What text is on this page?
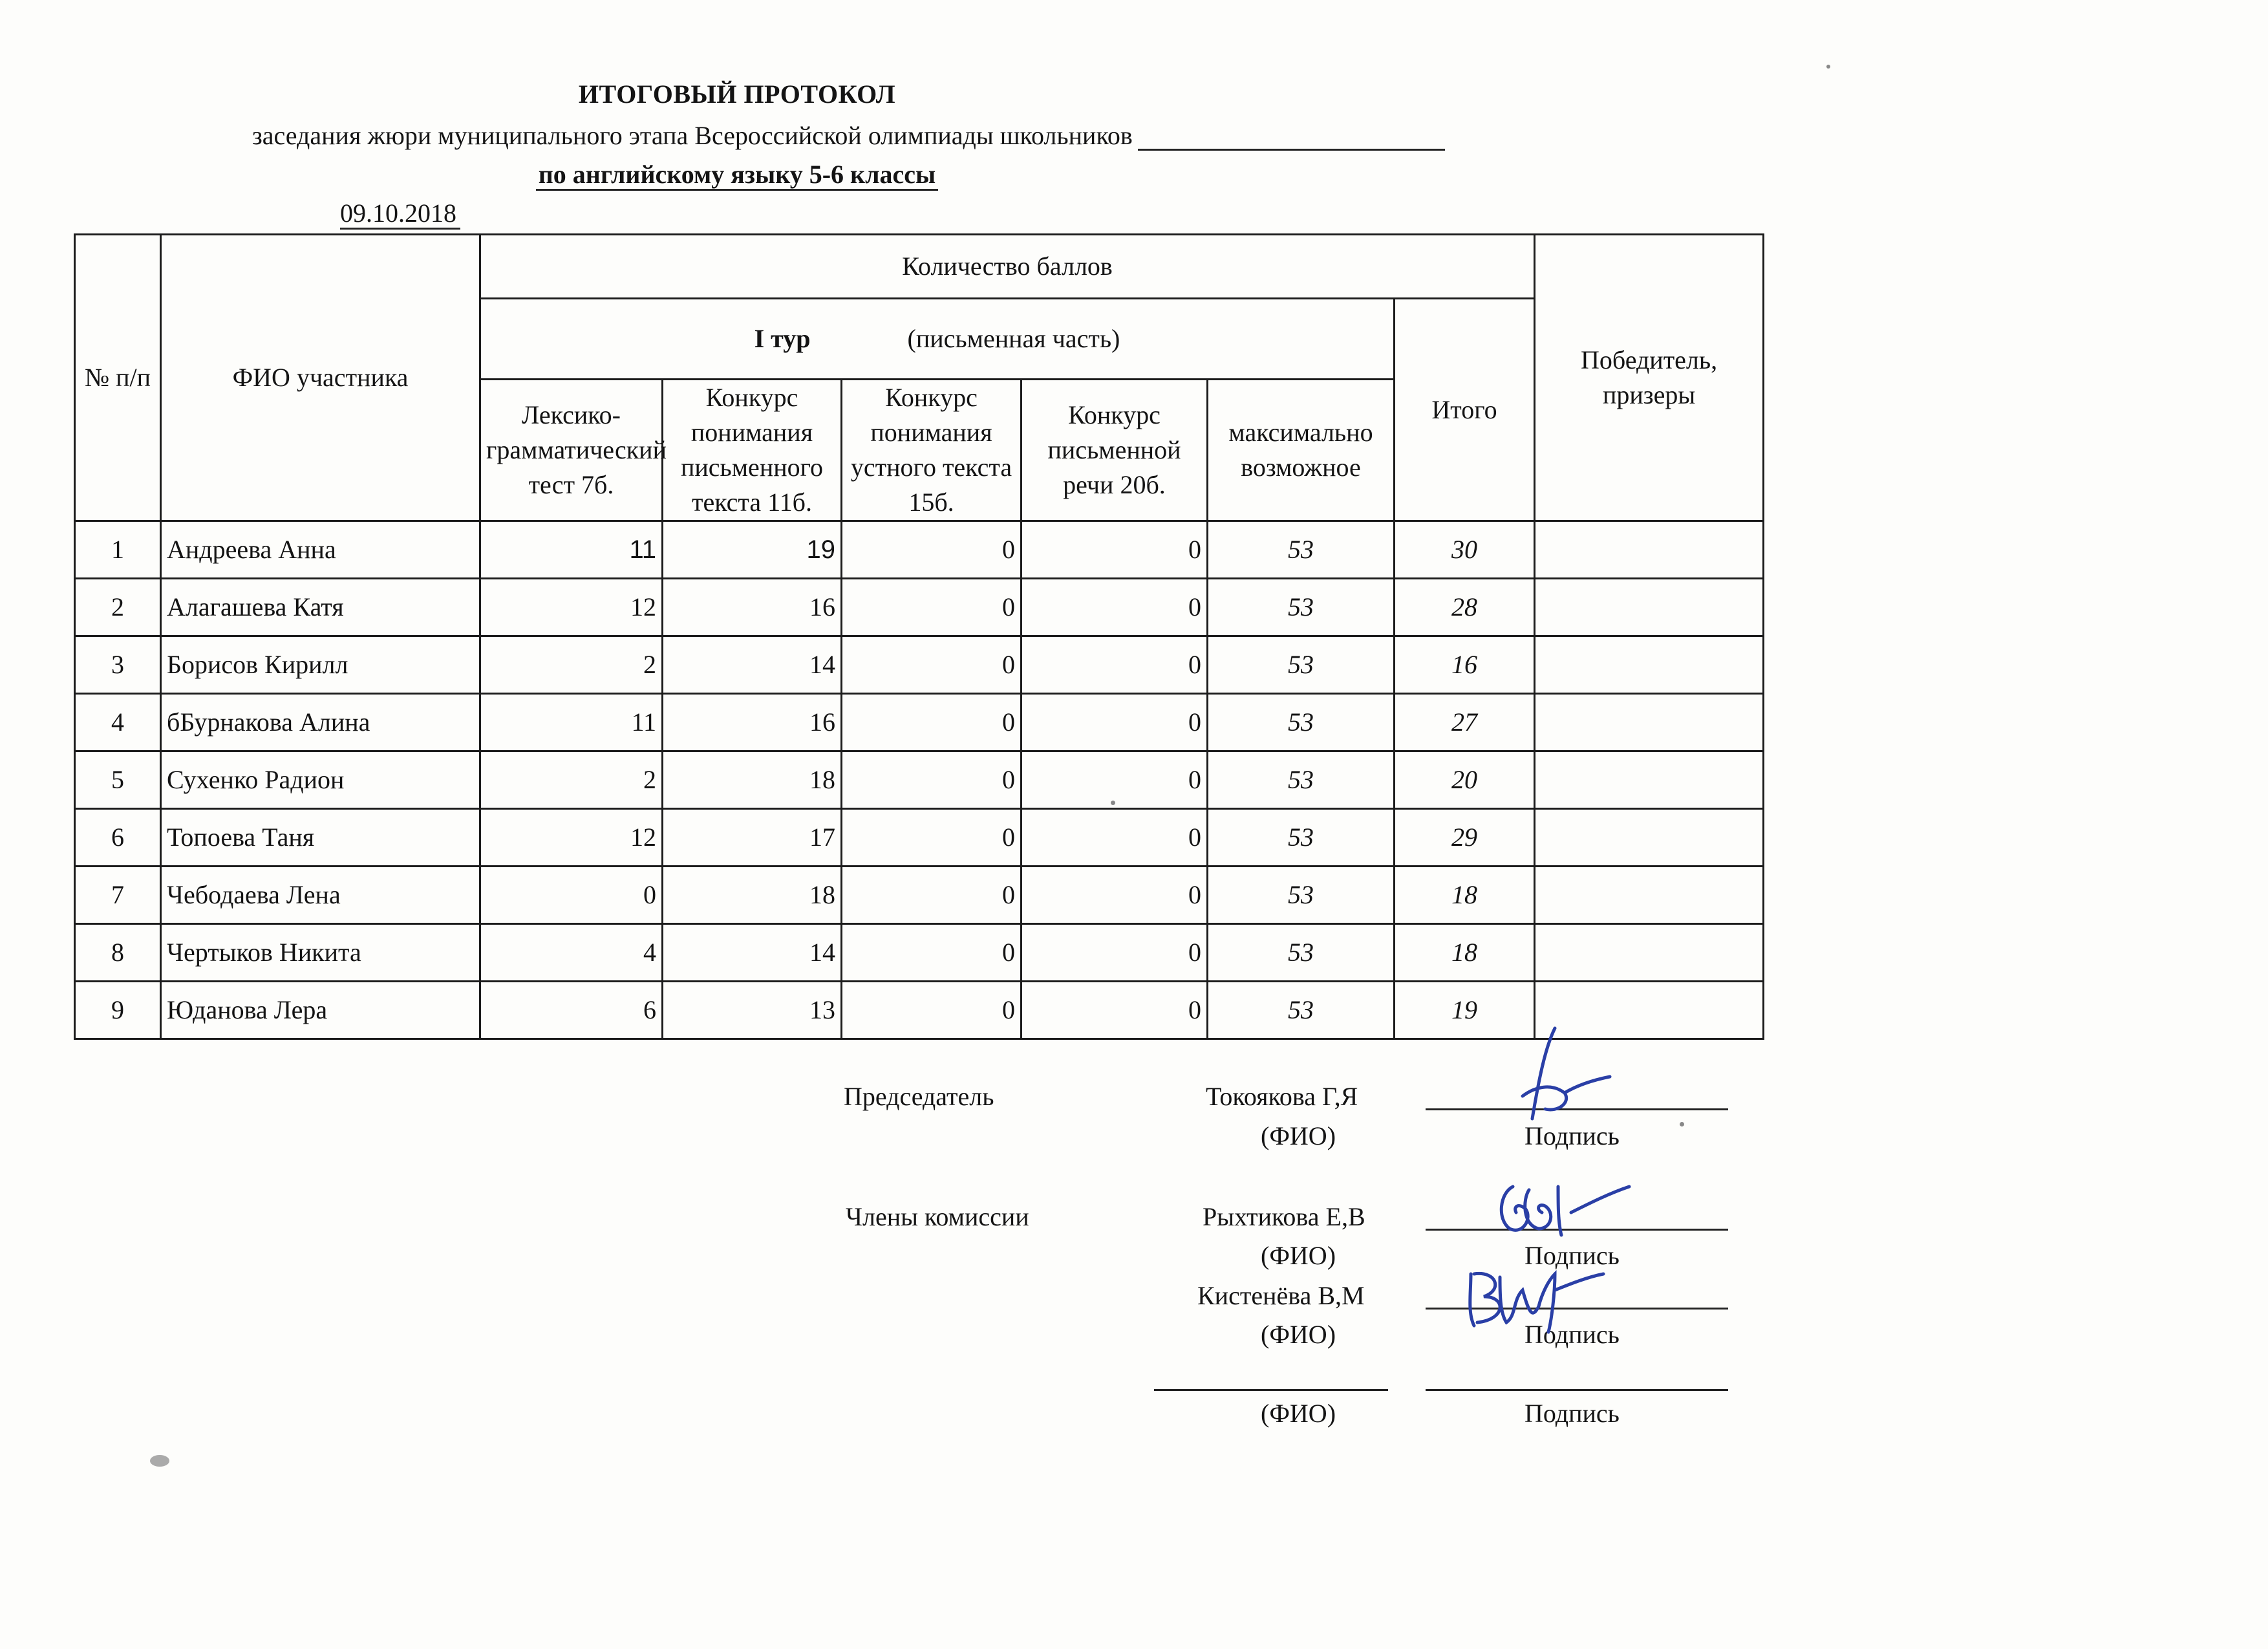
ИТОГОВЫЙ ПРОТОКОЛ
заседания жюри муниципального этапа Всероссийской олимпиады школьников
по английскому языку 5-6 классы
09.10.2018
№ п/п	ФИО участника	Количество баллов						Победитель, призеры
		I тур (письменная часть)					Итого	
		Лексико-грамматический тест 7б.	Конкурс понимания письменного текста 11б.	Конкурс понимания устного текста 15б.	Конкурс письменной речи 20б.	максимально возможное		
1	Андреева Анна	11	19	0	0	53	30	
2	Алагашева Катя	12	16	0	0	53	28	
3	Борисов Кирилл	2	14	0	0	53	16	
4	бБурнакова Алина	11	16	0	0	53	27	
5	Сухенко Радион	2	18	0	0	53	20	
6	Топоева Таня	12	17	0	0	53	29	
7	Чебодаева Лена	0	18	0	0	53	18	
8	Чертыков Никита	4	14	0	0	53	18	
9	Юданова Лера	6	13	0	0	53	19	
Председатель	Токоякова Г,Я
(ФИО)	Подпись
Члены комиссии	Рыхтикова Е,В
(ФИО)	Подпись
Кистенёва В,М
(ФИО)	Подпись
(ФИО)	Подпись
